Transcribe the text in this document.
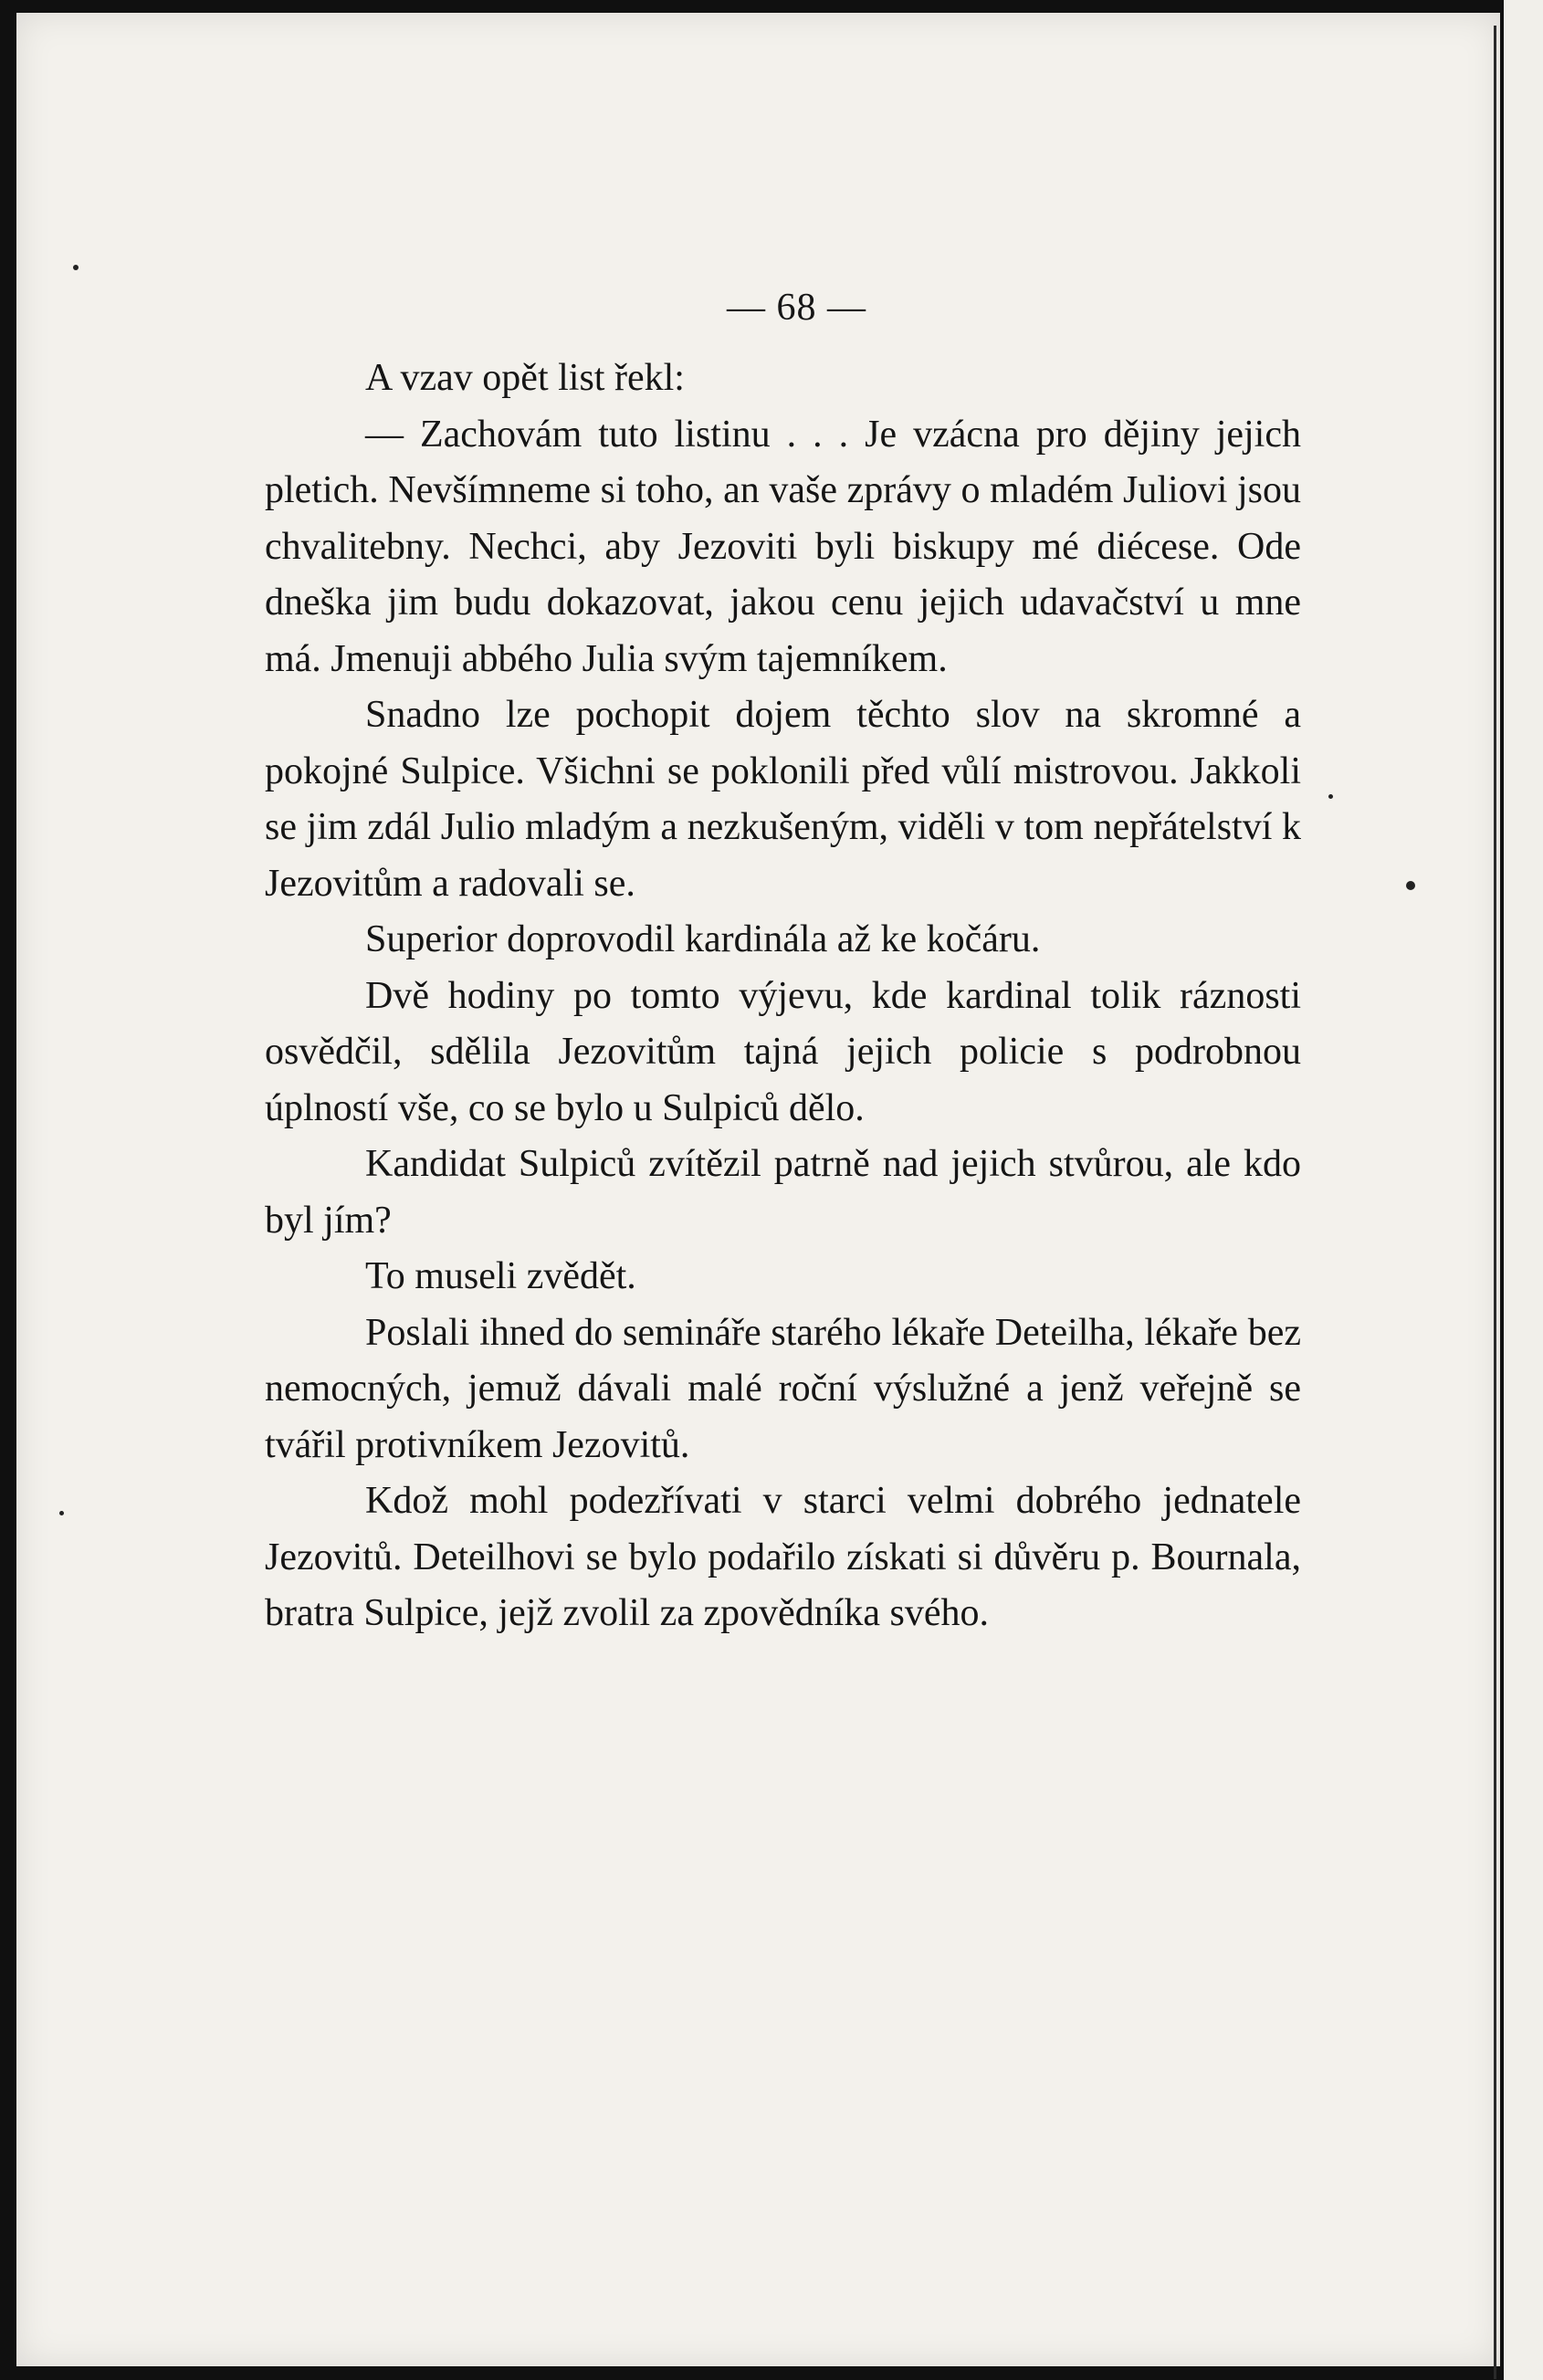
— 68 —

A vzav opět list řekl:

— Zachovám tuto listinu . . . Je vzácna pro dějiny jejich pletich. Nevšímneme si toho, an vaše zprávy o mladém Juliovi jsou chvalitebny. Nechci, aby Jezoviti byli biskupy mé diécese. Ode dneška jim budu dokazovat, jakou cenu jejich udavačství u mne má. Jmenuji abbého Julia svým tajemníkem.

Snadno lze pochopit dojem těchto slov na skromné a pokojné Sulpice. Všichni se poklonili před vůlí mistrovou. Jakkoli se jim zdál Julio mladým a nezkušeným, viděli v tom nepřátelství k Jezovitům a radovali se.

Superior doprovodil kardinála až ke kočáru.

Dvě hodiny po tomto výjevu, kde kardinal tolik ráznosti osvědčil, sdělila Jezovitům tajná jejich policie s podrobnou úplností vše, co se bylo u Sulpiců dělo.

Kandidat Sulpiců zvítězil patrně nad jejich stvůrou, ale kdo byl jím?

To museli zvědět.

Poslali ihned do semináře starého lékaře Deteilha, lékaře bez nemocných, jemuž dávali malé roční výslužné a jenž veřejně se tvářil protivníkem Jezovitů.

Kdož mohl podezřívati v starci velmi dobrého jednatele Jezovitů. Deteilhovi se bylo podařilo získati si důvěru p. Bournala, bratra Sulpice, jejž zvolil za zpovědníka svého.
